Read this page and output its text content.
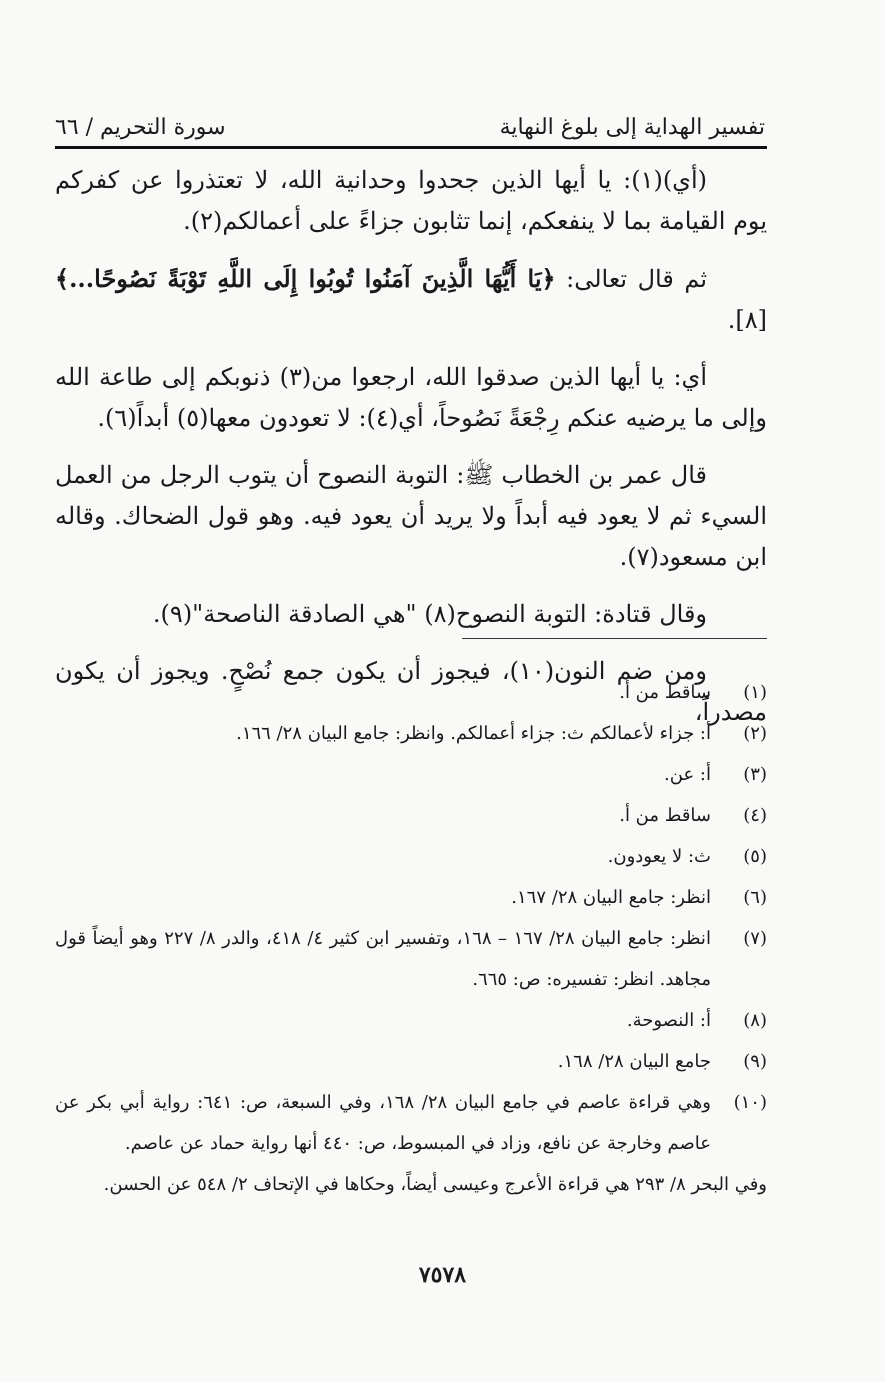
تفسير الهداية إلى بلوغ النهاية
سورة التحريم / ٦٦

(أي)(١): يا أيها الذين جحدوا وحدانية الله، لا تعتذروا عن كفركم يوم القيامة بما لا ينفعكم، إنما تثابون جزاءً على أعمالكم(٢).

ثم قال تعالى: ﴿يَا أَيُّهَا الَّذِينَ آمَنُوا تُوبُوا إِلَى اللَّهِ تَوْبَةً نَصُوحًا...﴾ [٨].

أي: يا أيها الذين صدقوا الله، ارجعوا من(٣) ذنوبكم إلى طاعة الله وإلى ما يرضيه عنكم رِجْعَةً نَصُوحاً، أي(٤): لا تعودون معها(٥) أبداً(٦).

قال عمر بن الخطاب ﷺ: التوبة النصوح أن يتوب الرجل من العمل السيء ثم لا يعود فيه أبداً ولا يريد أن يعود فيه. وهو قول الضحاك. وقاله ابن مسعود(٧).

وقال قتادة: التوبة النصوح(٨) "هي الصادقة الناصحة"(٩).

ومن ضم النون(١٠)، فيجوز أن يكون جمع نُصْحٍ. ويجوز أن يكون مصدراً،

(١)
ساقط من أ.
(٢)
أ: جزاء لأعمالكم ث: جزاء أعمالكم. وانظر: جامع البيان ٢٨/ ١٦٦.
(٣)
أ: عن.
(٤)
ساقط من أ.
(٥)
ث: لا يعودون.
(٦)
انظر: جامع البيان ٢٨/ ١٦٧.
(٧)
انظر: جامع البيان ٢٨/ ١٦٧ – ١٦٨، وتفسير ابن كثير ٤/ ٤١٨، والدر ٨/ ٢٢٧ وهو أيضاً قول مجاهد. انظر: تفسيره: ص: ٦٦٥.
(٨)
أ: النصوحة.
(٩)
جامع البيان ٢٨/ ١٦٨.
(١٠)
وهي قراءة عاصم في جامع البيان ٢٨/ ١٦٨، وفي السبعة، ص: ٦٤١: رواية أبي بكر عن عاصم وخارجة عن نافع، وزاد في المبسوط، ص: ٤٤٠ أنها رواية حماد عن عاصم.
وفي البحر ٨/ ٢٩٣ هي قراءة الأعرج وعيسى أيضاً، وحكاها في الإتحاف ٢/ ٥٤٨ عن الحسن.
٧٥٧٨
